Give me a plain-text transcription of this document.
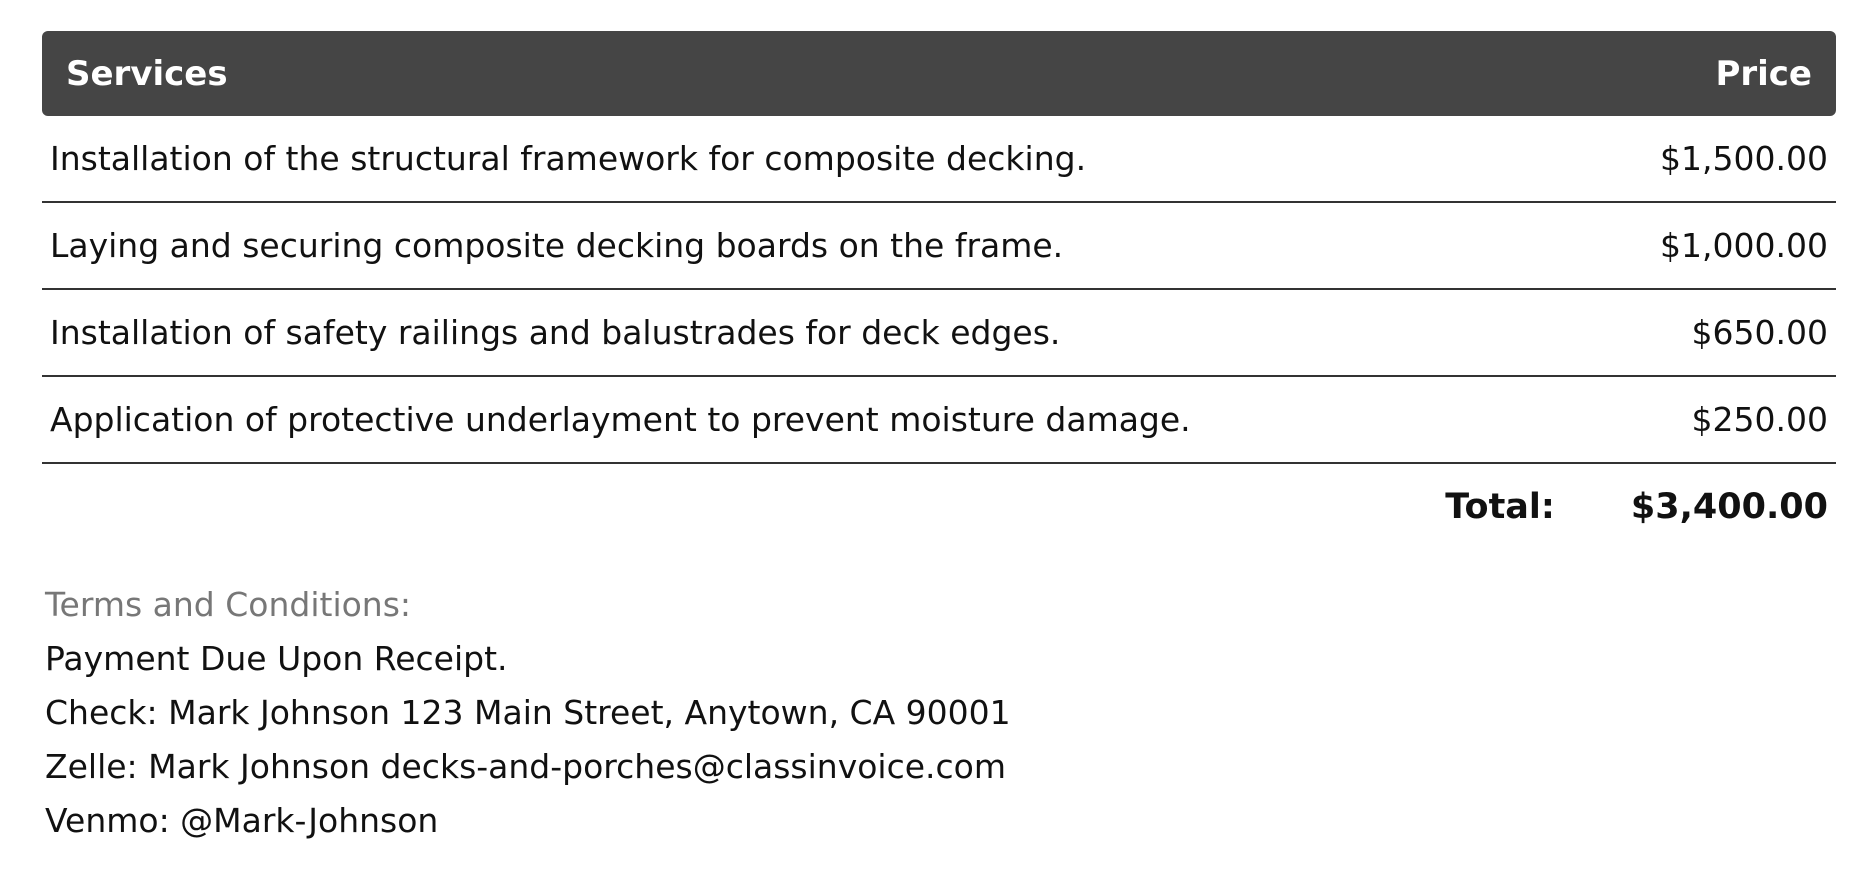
Services	Price
Installation of the structural framework for composite decking.	$1,500.00
Laying and securing composite decking boards on the frame.	$1,000.00
Installation of safety railings and balustrades for deck edges.	$650.00
Application of protective underlayment to prevent moisture damage.	$250.00
Total: $3,400.00
Terms and Conditions:
Payment Due Upon Receipt.
Check: Mark Johnson 123 Main Street, Anytown, CA 90001
Zelle: Mark Johnson decks-and-porches@classinvoice.com
Venmo: @Mark-Johnson
